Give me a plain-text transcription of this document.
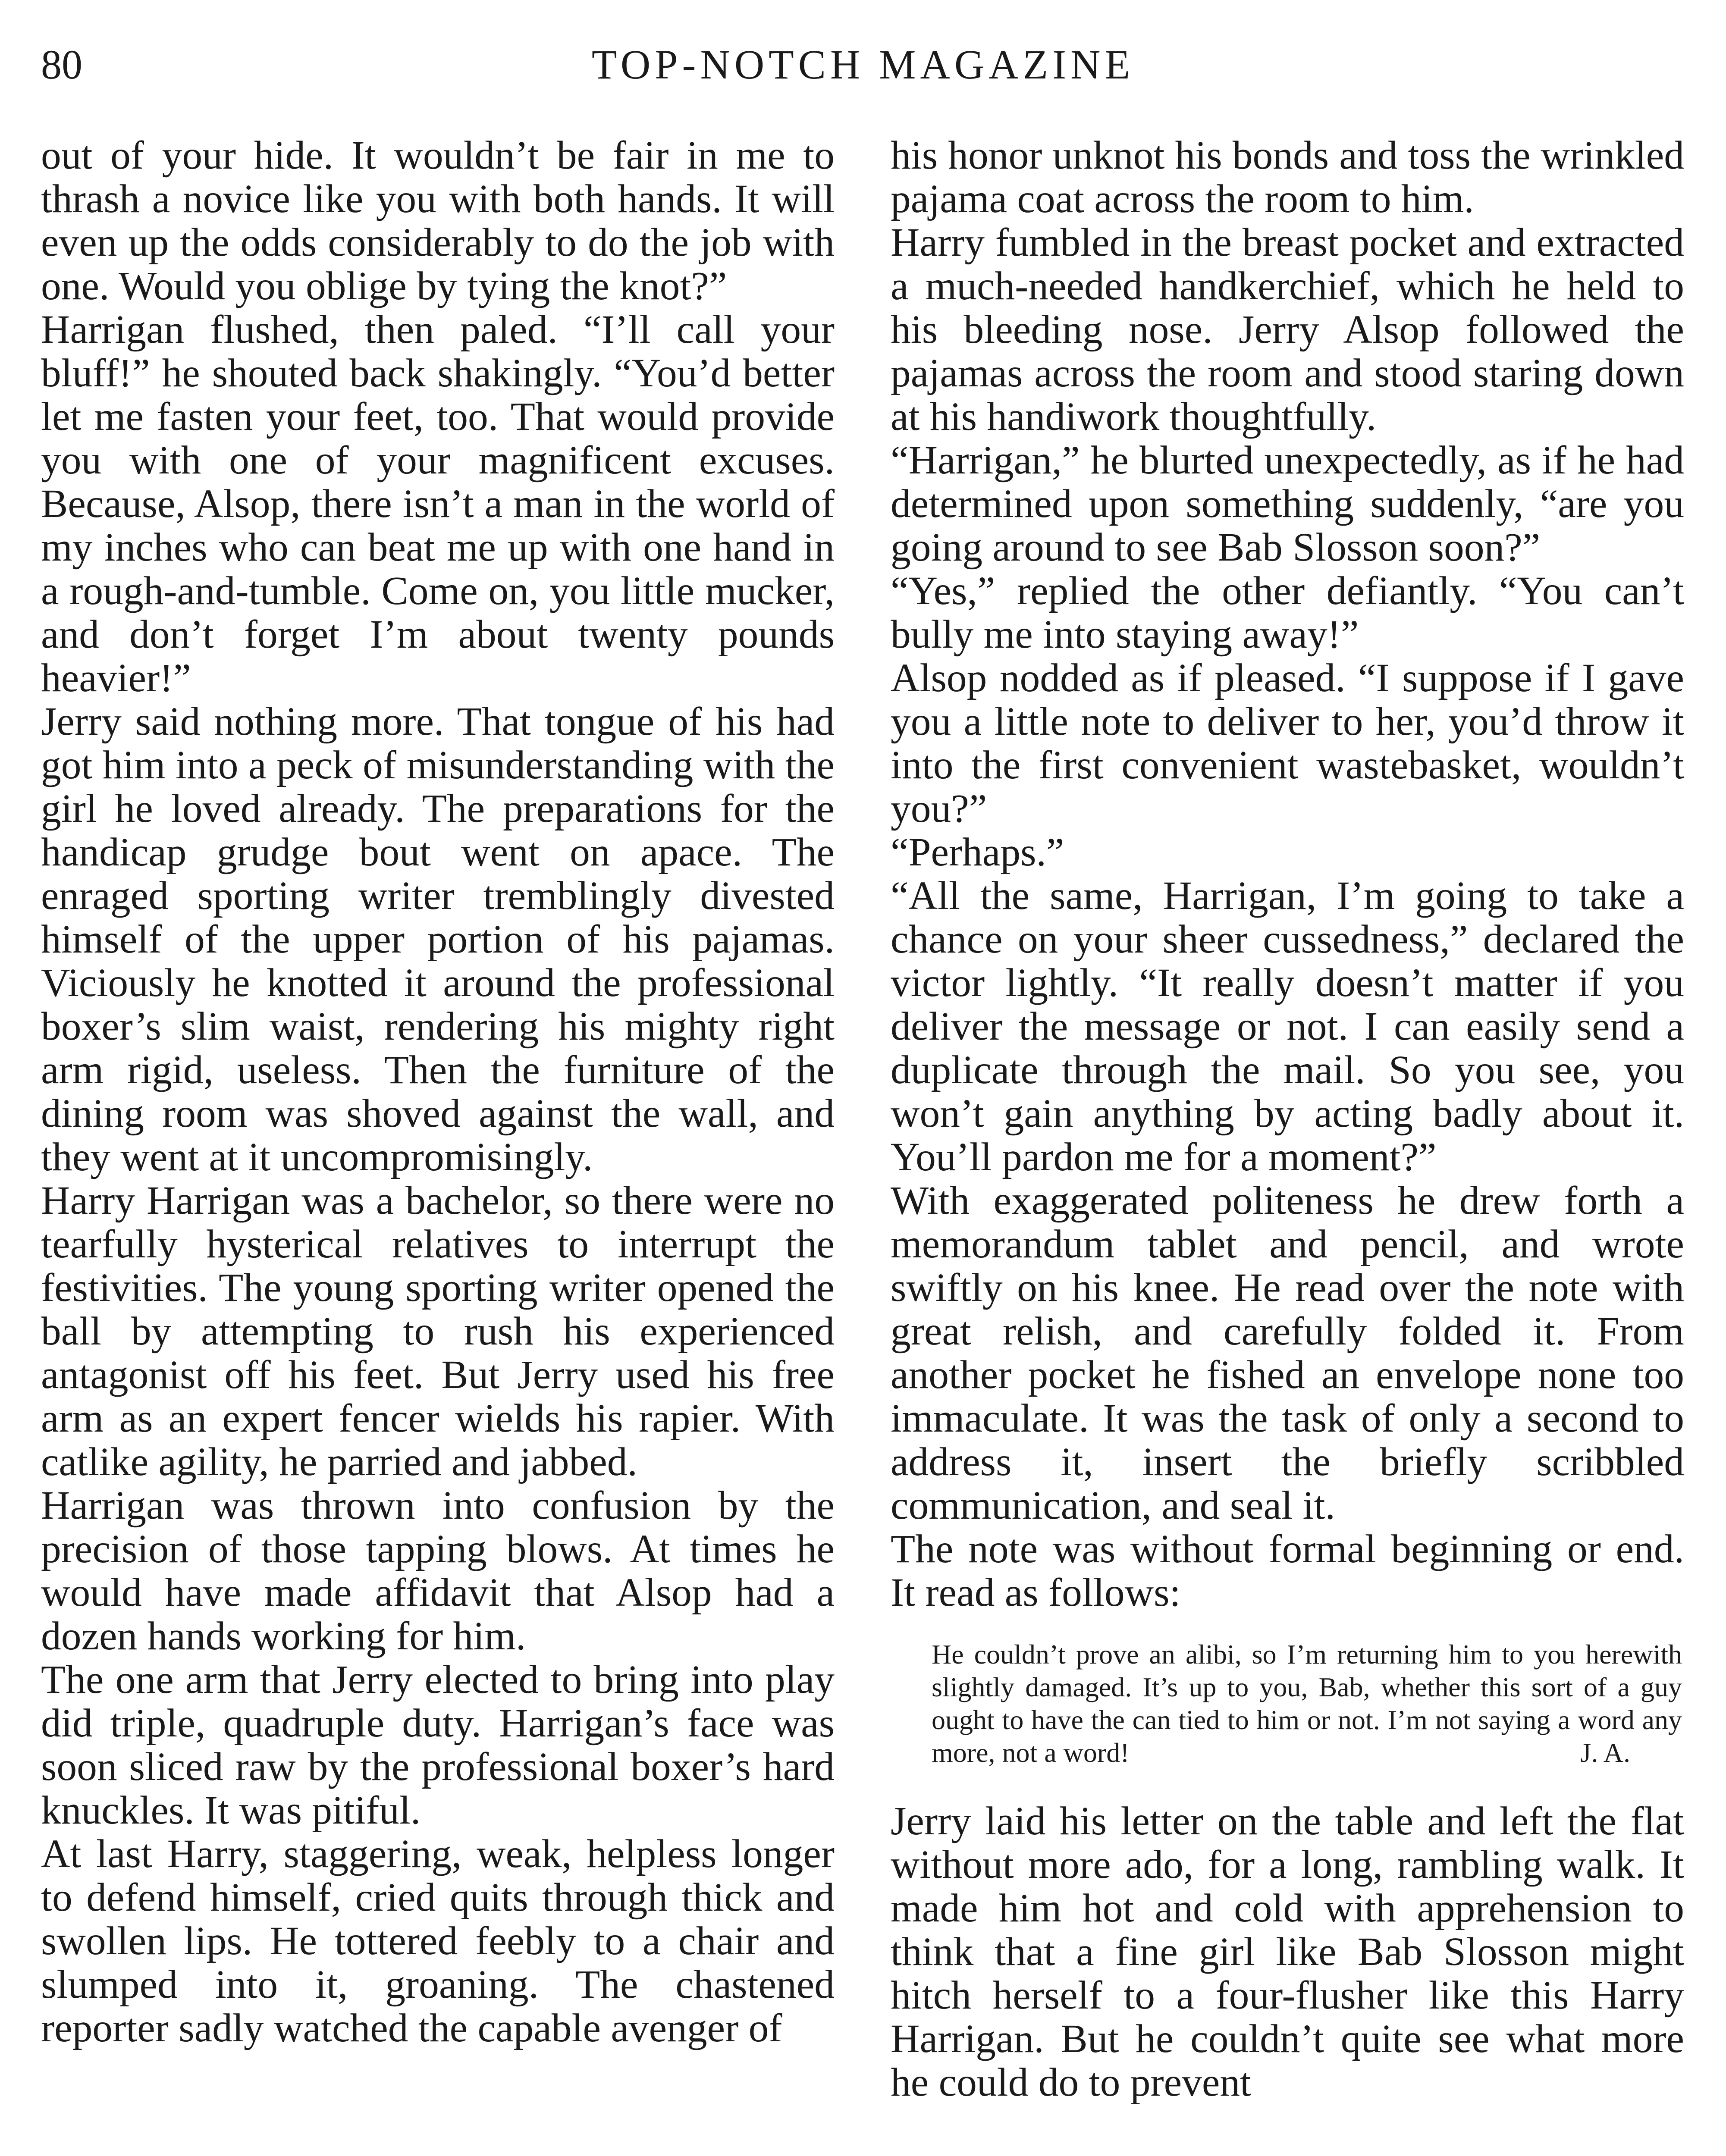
80	TOP-NOTCH MAGAZINE

out of your hide. It wouldn’t be fair in me to thrash a novice like you with both hands. It will even up the odds considerably to do the job with one. Would you oblige by tying the knot?”

Harrigan flushed, then paled. “I’ll call your bluff!” he shouted back shakingly. “You’d better let me fasten your feet, too. That would provide you with one of your magnificent excuses. Because, Alsop, there isn’t a man in the world of my inches who can beat me up with one hand in a rough-and-tumble. Come on, you little mucker, and don’t forget I’m about twenty pounds heavier!”

Jerry said nothing more. That tongue of his had got him into a peck of misunderstanding with the girl he loved already. The preparations for the handicap grudge bout went on apace. The enraged sporting writer tremblingly divested himself of the upper portion of his pajamas. Viciously he knotted it around the professional boxer’s slim waist, rendering his mighty right arm rigid, useless. Then the furniture of the dining room was shoved against the wall, and they went at it uncompromisingly.

Harry Harrigan was a bachelor, so there were no tearfully hysterical relatives to interrupt the festivities. The young sporting writer opened the ball by attempting to rush his experienced antagonist off his feet. But Jerry used his free arm as an expert fencer wields his rapier. With catlike agility, he parried and jabbed.

Harrigan was thrown into confusion by the precision of those tapping blows. At times he would have made affidavit that Alsop had a dozen hands working for him.

The one arm that Jerry elected to bring into play did triple, quadruple duty. Harrigan’s face was soon sliced raw by the professional boxer’s hard knuckles. It was pitiful.

At last Harry, staggering, weak, helpless longer to defend himself, cried quits through thick and swollen lips. He tottered feebly to a chair and slumped into it, groaning. The chastened reporter sadly watched the capable avenger of

his honor unknot his bonds and toss the wrinkled pajama coat across the room to him.

Harry fumbled in the breast pocket and extracted a much-needed handkerchief, which he held to his bleeding nose. Jerry Alsop followed the pajamas across the room and stood staring down at his handiwork thoughtfully.

“Harrigan,” he blurted unexpectedly, as if he had determined upon something suddenly, “are you going around to see Bab Slosson soon?”

“Yes,” replied the other defiantly. “You can’t bully me into staying away!”

Alsop nodded as if pleased. “I suppose if I gave you a little note to deliver to her, you’d throw it into the first convenient wastebasket, wouldn’t you?”

“Perhaps.”

“All the same, Harrigan, I’m going to take a chance on your sheer cussedness,” declared the victor lightly. “It really doesn’t matter if you deliver the message or not. I can easily send a duplicate through the mail. So you see, you won’t gain anything by acting badly about it. You’ll pardon me for a moment?”

With exaggerated politeness he drew forth a memorandum tablet and pencil, and wrote swiftly on his knee. He read over the note with great relish, and carefully folded it. From another pocket he fished an envelope none too immaculate. It was the task of only a second to address it, insert the briefly scribbled communication, and seal it.

The note was without formal beginning or end. It read as follows:

He couldn’t prove an alibi, so I’m returning him to you herewith slightly damaged. It’s up to you, Bab, whether this sort of a guy ought to have the can tied to him or not. I’m not saying a word any more, not a word!	J. A.

Jerry laid his letter on the table and left the flat without more ado, for a long, rambling walk. It made him hot and cold with apprehension to think that a fine girl like Bab Slosson might hitch herself to a four-flusher like this Harry Harrigan. But he couldn’t quite see what more he could do to prevent
